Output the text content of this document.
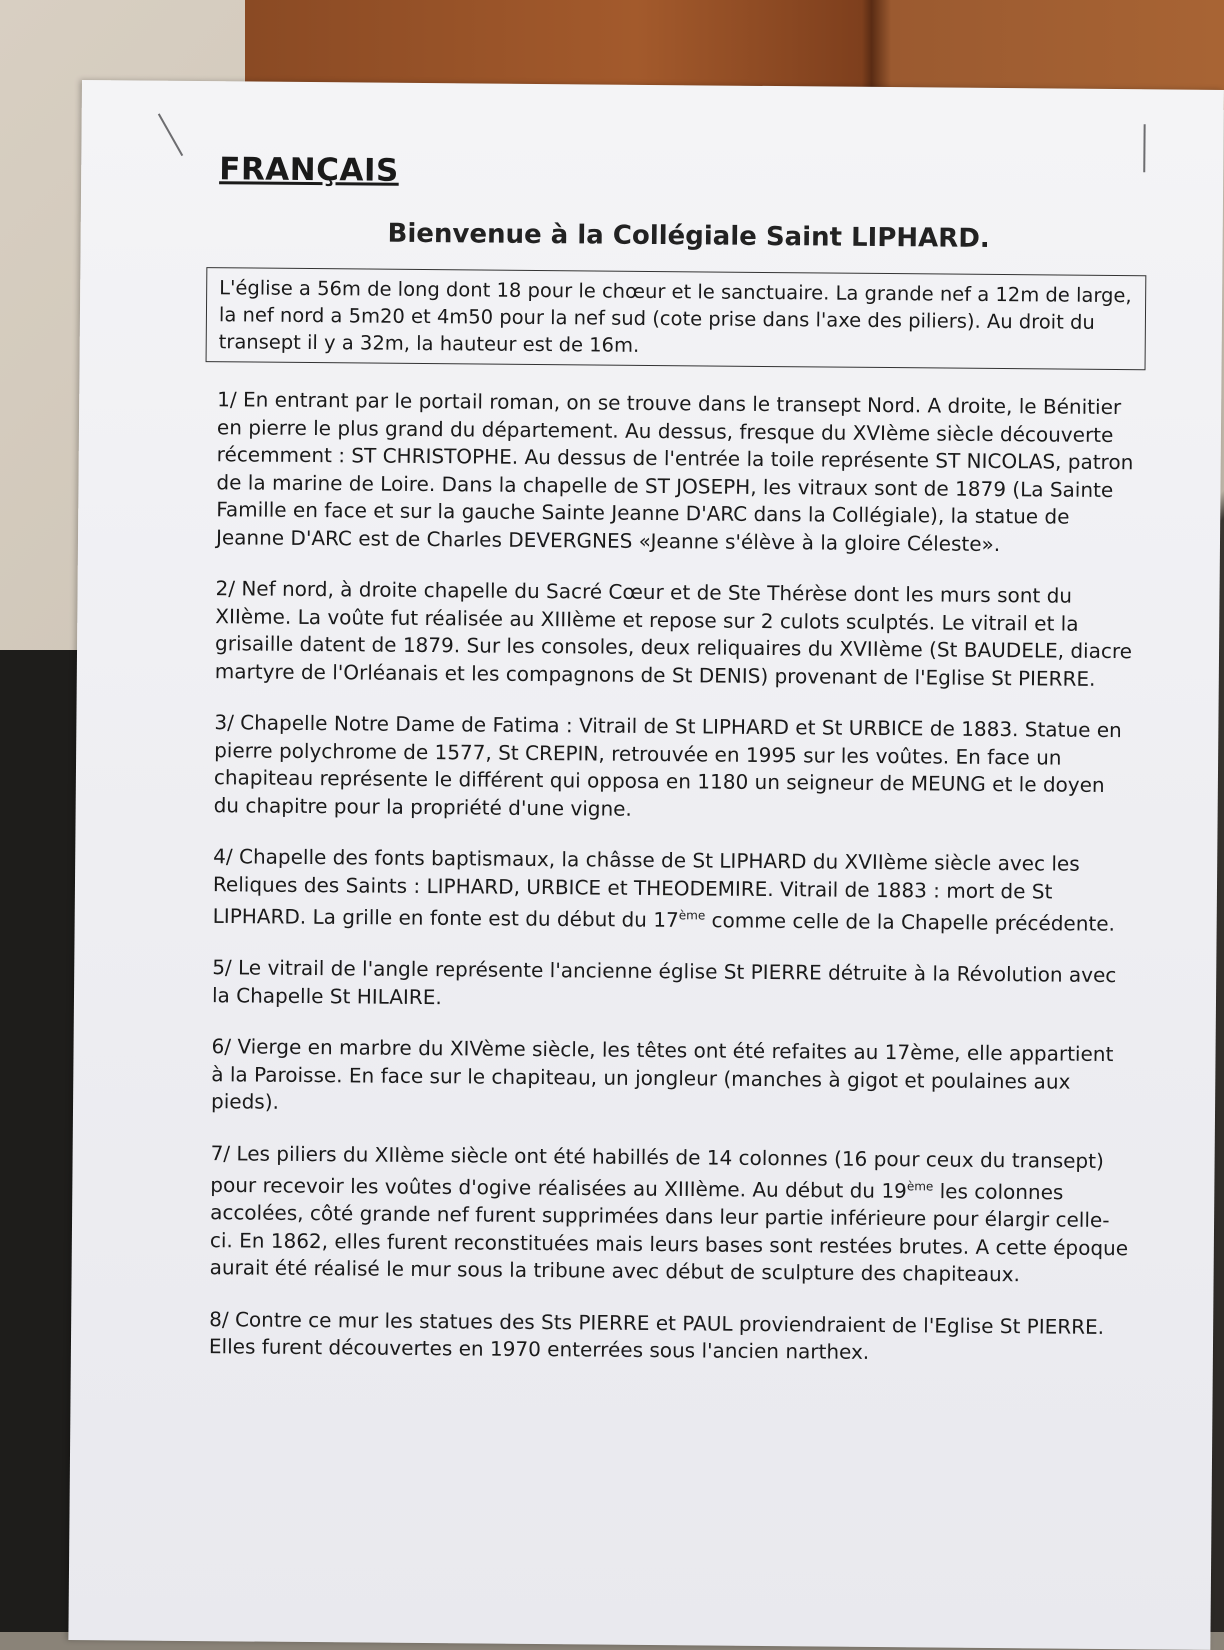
FRANÇAIS
Bienvenue à la Collégiale Saint LIPHARD.
L'église a 56m de long dont 18 pour le chœur et le sanctuaire. La grande nef a 12m de large, la nef nord a 5m20 et 4m50 pour la nef sud (cote prise dans l'axe des piliers). Au droit du transept il y a 32m, la hauteur est de 16m.
1/ En entrant par le portail roman, on se trouve dans le transept Nord. A droite, le Bénitier en pierre le plus grand du département. Au dessus, fresque du XVIème siècle découverte récemment : ST CHRISTOPHE. Au dessus de l'entrée la toile représente ST NICOLAS, patron de la marine de Loire. Dans la chapelle de ST JOSEPH, les vitraux sont de 1879 (La Sainte Famille en face et sur la gauche Sainte Jeanne D'ARC dans la Collégiale), la statue de Jeanne D'ARC est de Charles DEVERGNES «Jeanne s'élève à la gloire Céleste».
2/ Nef nord, à droite chapelle du Sacré Cœur et de Ste Thérèse dont les murs sont du XIIème. La voûte fut réalisée au XIIIème et repose sur 2 culots sculptés. Le vitrail et la grisaille datent de 1879. Sur les consoles, deux reliquaires du XVIIème (St BAUDELE, diacre martyre de l'Orléanais et les compagnons de St DENIS) provenant de l'Eglise St PIERRE.
3/ Chapelle Notre Dame de Fatima : Vitrail de St LIPHARD et St URBICE de 1883. Statue en pierre polychrome de 1577, St CREPIN, retrouvée en 1995 sur les voûtes. En face un chapiteau représente le différent qui opposa en 1180 un seigneur de MEUNG et le doyen du chapitre pour la propriété d'une vigne.
4/ Chapelle des fonts baptismaux, la châsse de St LIPHARD du XVIIème siècle avec les Reliques des Saints : LIPHARD, URBICE et THEODEMIRE. Vitrail de 1883 : mort de St LIPHARD. La grille en fonte est du début du 17ème comme celle de la Chapelle précédente.
5/ Le vitrail de l'angle représente l'ancienne église St PIERRE détruite à la Révolution avec la Chapelle St HILAIRE.
6/ Vierge en marbre du XIVème siècle, les têtes ont été refaites au 17ème, elle appartient à la Paroisse. En face sur le chapiteau, un jongleur (manches à gigot et poulaines aux pieds).
7/ Les piliers du XIIème siècle ont été habillés de 14 colonnes (16 pour ceux du transept) pour recevoir les voûtes d'ogive réalisées au XIIIème. Au début du 19ème les colonnes accolées, côté grande nef furent supprimées dans leur partie inférieure pour élargir celle-ci. En 1862, elles furent reconstituées mais leurs bases sont restées brutes. A cette époque aurait été réalisé le mur sous la tribune avec début de sculpture des chapiteaux.
8/ Contre ce mur les statues des Sts PIERRE et PAUL proviendraient de l'Eglise St PIERRE. Elles furent découvertes en 1970 enterrées sous l'ancien narthex.
